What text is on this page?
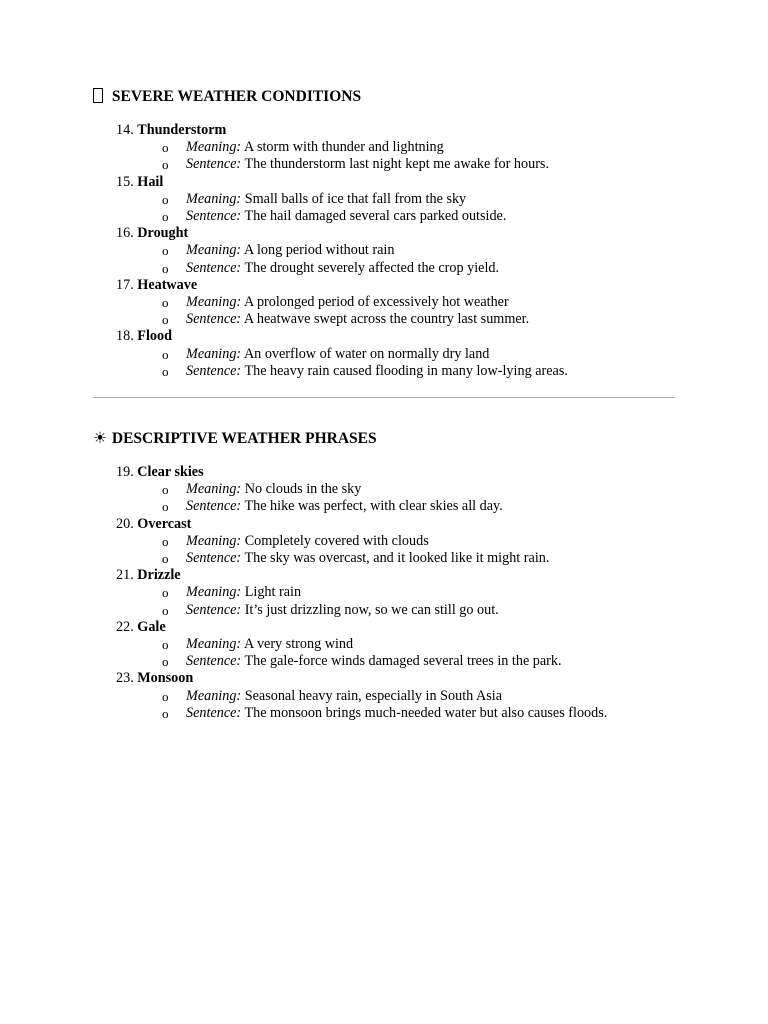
SEVERE WEATHER CONDITIONS
14. Thunderstorm
o Meaning: A storm with thunder and lightning
o Sentence: The thunderstorm last night kept me awake for hours.
15. Hail
o Meaning: Small balls of ice that fall from the sky
o Sentence: The hail damaged several cars parked outside.
16. Drought
o Meaning: A long period without rain
o Sentence: The drought severely affected the crop yield.
17. Heatwave
o Meaning: A prolonged period of excessively hot weather
o Sentence: A heatwave swept across the country last summer.
18. Flood
o Meaning: An overflow of water on normally dry land
o Sentence: The heavy rain caused flooding in many low-lying areas.
☀ DESCRIPTIVE WEATHER PHRASES
19. Clear skies
o Meaning: No clouds in the sky
o Sentence: The hike was perfect, with clear skies all day.
20. Overcast
o Meaning: Completely covered with clouds
o Sentence: The sky was overcast, and it looked like it might rain.
21. Drizzle
o Meaning: Light rain
o Sentence: It’s just drizzling now, so we can still go out.
22. Gale
o Meaning: A very strong wind
o Sentence: The gale-force winds damaged several trees in the park.
23. Monsoon
o Meaning: Seasonal heavy rain, especially in South Asia
o Sentence: The monsoon brings much-needed water but also causes floods.
